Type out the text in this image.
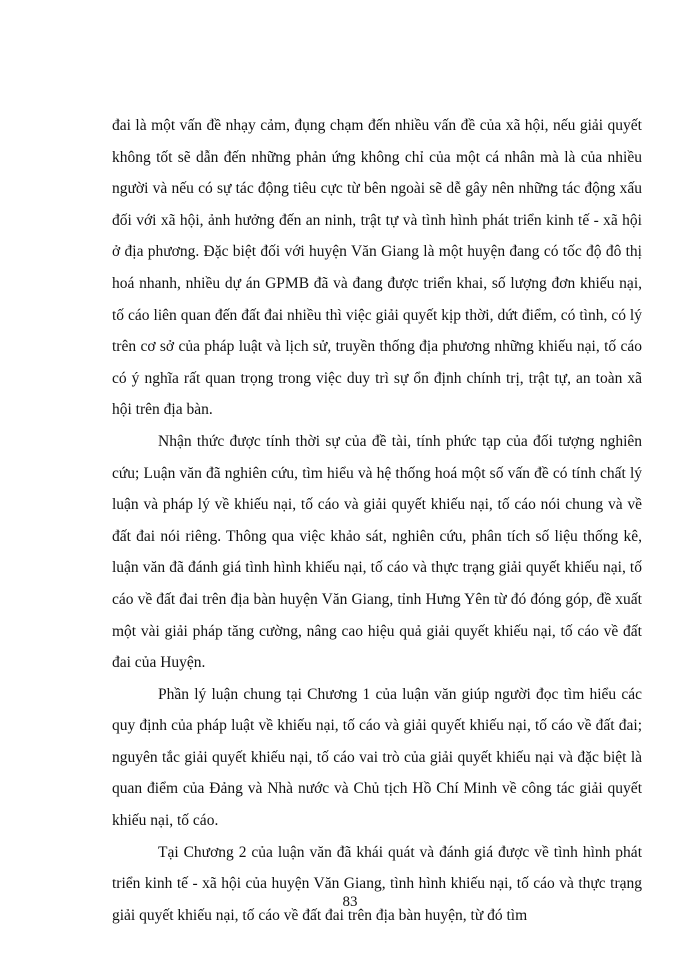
đai là một vấn đề nhạy cảm, đụng chạm đến nhiều vấn đề của xã hội, nếu giải quyết không tốt sẽ dẫn đến những phản ứng không chỉ của một cá nhân mà là của nhiều người và nếu có sự tác động tiêu cực từ bên ngoài sẽ dễ gây nên những tác động xấu đối với xã hội, ảnh hưởng đến an ninh, trật tự và tình hình phát triển kinh tế - xã hội ở địa phương. Đặc biệt đối với huyện Văn Giang là một huyện đang có tốc độ đô thị hoá nhanh, nhiều dự án GPMB đã và đang được triển khai, số lượng đơn khiếu nại, tố cáo liên quan đến đất đai nhiều thì việc giải quyết kịp thời, dứt điểm, có tình, có lý trên cơ sở của pháp luật và lịch sử, truyền thống địa phương những khiếu nại, tố cáo có ý nghĩa rất quan trọng trong việc duy trì sự ổn định chính trị, trật tự, an toàn xã hội trên địa bàn.

Nhận thức được tính thời sự của đề tài, tính phức tạp của đối tượng nghiên cứu; Luận văn đã nghiên cứu, tìm hiểu và hệ thống hoá một số vấn đề có tính chất lý luận và pháp lý về khiếu nại, tố cáo và giải quyết khiếu nại, tố cáo nói chung và về đất đai nói riêng. Thông qua việc khảo sát, nghiên cứu, phân tích số liệu thống kê, luận văn đã đánh giá tình hình khiếu nại, tố cáo và thực trạng giải quyết khiếu nại, tố cáo về đất đai trên địa bàn huyện Văn Giang, tỉnh Hưng Yên từ đó đóng góp, đề xuất một vài giải pháp tăng cường, nâng cao hiệu quả giải quyết khiếu nại, tố cáo về đất đai của Huyện.

Phần lý luận chung tại Chương 1 của luận văn giúp người đọc tìm hiểu các quy định của pháp luật về khiếu nại, tố cáo và giải quyết khiếu nại, tố cáo về đất đai; nguyên tắc giải quyết khiếu nại, tố cáo vai trò của giải quyết khiếu nại và đặc biệt là quan điểm của Đảng và Nhà nước và Chủ tịch Hồ Chí Minh về công tác giải quyết khiếu nại, tố cáo.

Tại Chương 2 của luận văn đã khái quát và đánh giá được về tình hình phát triển kinh tế - xã hội của huyện Văn Giang, tình hình khiếu nại, tố cáo và thực trạng giải quyết khiếu nại, tố cáo về đất đai trên địa bàn huyện, từ đó tìm

83
